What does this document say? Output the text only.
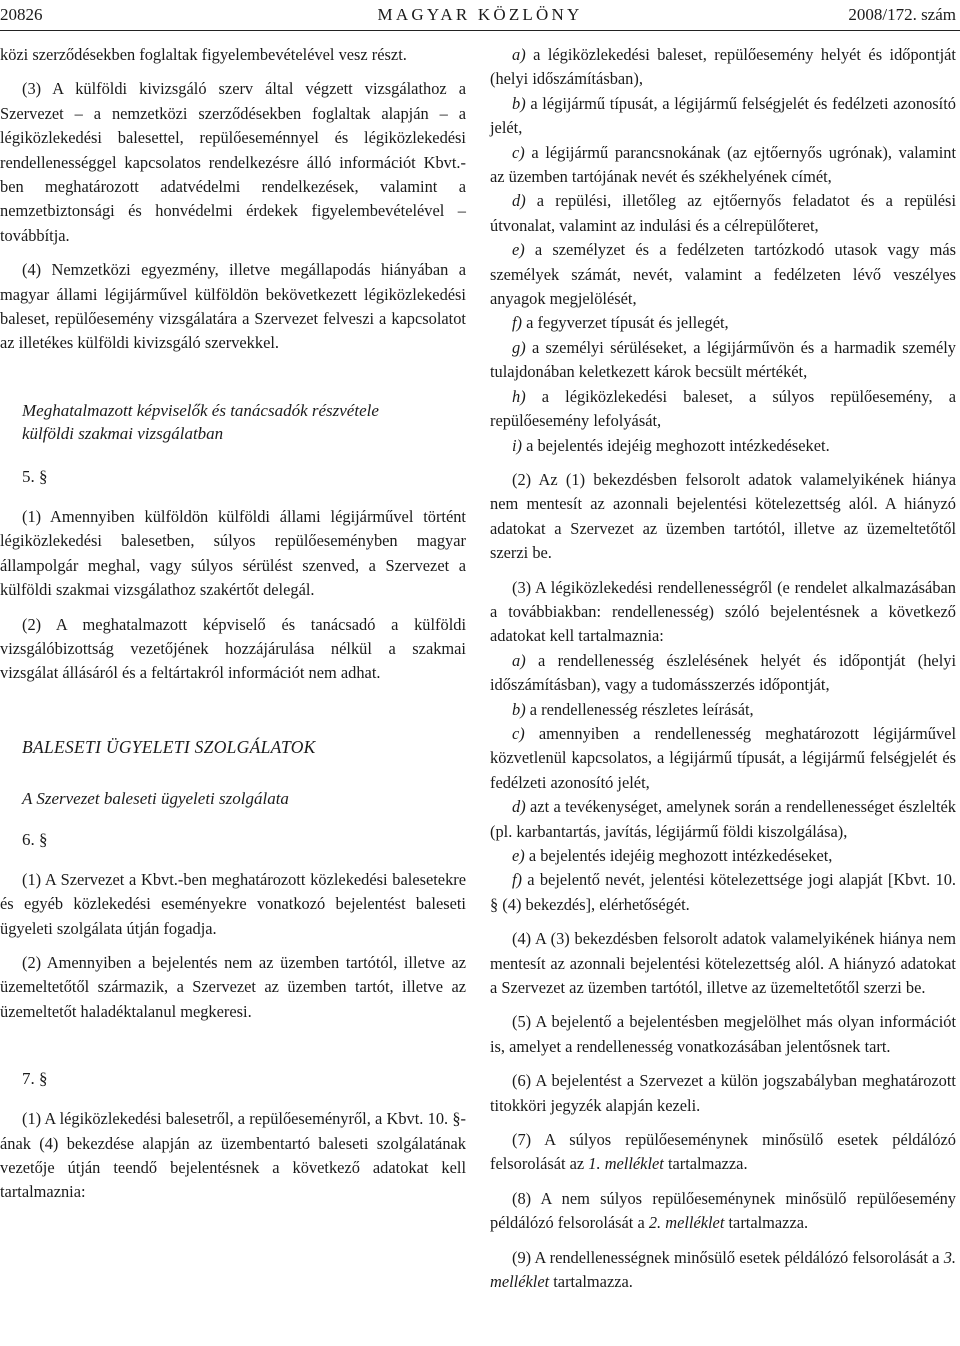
20826	MAGYAR KÖZLÖNY	2008/172. szám

közi szerződésekben foglaltak figyelembevételével vesz részt.

(3) A külföldi kivizsgáló szerv által végzett vizsgálathoz a Szervezet – a nemzetközi szerződésekben foglaltak alapján – a légiközlekedési balesettel, repülőeseménnyel és légiközlekedési rendellenességgel kapcsolatos rendelkezésre álló információt Kbvt.-ben meghatározott adatvédelmi rendelkezések, valamint a nemzetbiztonsági és honvédelmi érdekek figyelembevételével – továbbítja.

(4) Nemzetközi egyezmény, illetve megállapodás hiányában a magyar állami légijárművel külföldön bekövetkezett légiközlekedési baleset, repülőesemény vizsgálatára a Szervezet felveszi a kapcsolatot az illetékes külföldi kivizsgáló szervekkel.

Meghatalmazott képviselők és tanácsadók részvétele

külföldi szakmai vizsgálatban

5. §

(1) Amennyiben külföldön külföldi állami légijárművel történt légiközlekedési balesetben, súlyos repülőeseményben magyar állampolgár meghal, vagy súlyos sérülést szenved, a Szervezet a külföldi szakmai vizsgálathoz szakértőt delegál.

(2) A meghatalmazott képviselő és tanácsadó a külföldi vizsgálóbizottság vezetőjének hozzájárulása nélkül a szakmai vizsgálat állásáról és a feltártakról információt nem adhat.

BALESETI ÜGYELETI SZOLGÁLATOK

A Szervezet baleseti ügyeleti szolgálata

6. §

(1) A Szervezet a Kbvt.-ben meghatározott közlekedési balesetekre és egyéb közlekedési eseményekre vonatkozó bejelentést baleseti ügyeleti szolgálata útján fogadja.

(2) Amennyiben a bejelentés nem az üzemben tartótól, illetve az üzemeltetőtől származik, a Szervezet az üzemben tartót, illetve az üzemeltetőt haladéktalanul megkeresi.

7. §

(1) A légiközlekedési balesetről, a repülőeseményről, a Kbvt. 10. §-ának (4) bekezdése alapján az üzembentartó baleseti szolgálatának vezetője útján teendő bejelentésnek a következő adatokat kell tartalmaznia:

a) a légiközlekedési baleset, repülőesemény helyét és időpontját (helyi időszámításban),

b) a légijármű típusát, a légijármű felségjelét és fedélzeti azonosító jelét,

c) a légijármű parancsnokának (az ejtőernyős ugrónak), valamint az üzemben tartójának nevét és székhelyének címét,

d) a repülési, illetőleg az ejtőernyős feladatot és a repülési útvonalat, valamint az indulási és a célrepülőteret,

e) a személyzet és a fedélzeten tartózkodó utasok vagy más személyek számát, nevét, valamint a fedélzeten lévő veszélyes anyagok megjelölését,

f) a fegyverzet típusát és jellegét,

g) a személyi sérüléseket, a légijárművön és a harmadik személy tulajdonában keletkezett károk becsült mértékét,

h) a légiközlekedési baleset, a súlyos repülőesemény, a repülőesemény lefolyását,

i) a bejelentés idejéig meghozott intézkedéseket.

(2) Az (1) bekezdésben felsorolt adatok valamelyikének hiánya nem mentesít az azonnali bejelentési kötelezettség alól. A hiányzó adatokat a Szervezet az üzemben tartótól, illetve az üzemeltetőtől szerzi be.

(3) A légiközlekedési rendellenességről (e rendelet alkalmazásában a továbbiakban: rendellenesség) szóló bejelentésnek a következő adatokat kell tartalmaznia:

a) a rendellenesség észlelésének helyét és időpontját (helyi időszámításban), vagy a tudomásszerzés időpontját,

b) a rendellenesség részletes leírását,

c) amennyiben a rendellenesség meghatározott légijárművel közvetlenül kapcsolatos, a légijármű típusát, a légijármű felségjelét és fedélzeti azonosító jelét,

d) azt a tevékenységet, amelynek során a rendellenességet észlelték (pl. karbantartás, javítás, légijármű földi kiszolgálása),

e) a bejelentés idejéig meghozott intézkedéseket,

f) a bejelentő nevét, jelentési kötelezettsége jogi alapját [Kbvt. 10. § (4) bekezdés], elérhetőségét.

(4) A (3) bekezdésben felsorolt adatok valamelyikének hiánya nem mentesít az azonnali bejelentési kötelezettség alól. A hiányzó adatokat a Szervezet az üzemben tartótól, illetve az üzemeltetőtől szerzi be.

(5) A bejelentő a bejelentésben megjelölhet más olyan információt is, amelyet a rendellenesség vonatkozásában jelentősnek tart.

(6) A bejelentést a Szervezet a külön jogszabályban meghatározott titokköri jegyzék alapján kezeli.

(7) A súlyos repülőeseménynek minősülő esetek példálózó felsorolását az 1. melléklet tartalmazza.

(8) A nem súlyos repülőeseménynek minősülő repülőesemény példálózó felsorolását a 2. melléklet tartalmazza.

(9) A rendellenességnek minősülő esetek példálózó felsorolását a 3. melléklet tartalmazza.
